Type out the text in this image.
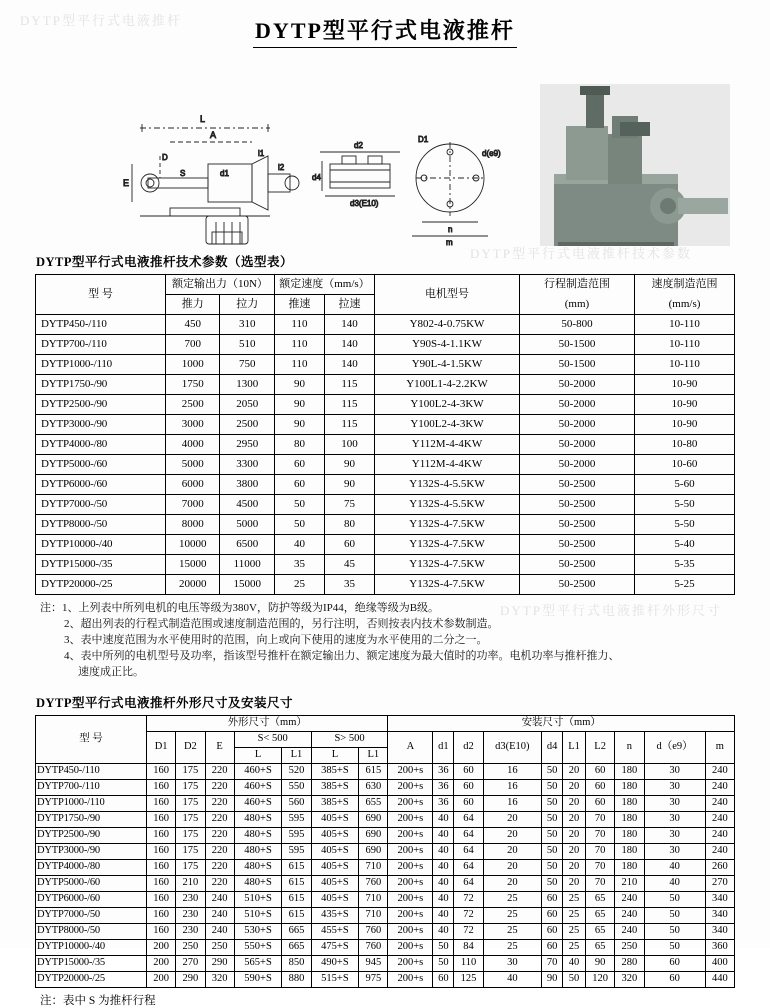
DYTP型平行式电液推杆技术参数
DYTP型平行式电液推杆外形尺寸
DYTP型平行式电液推杆	DYTP型平行式电液推杆
L
A
E
D
d1
l2
l1
S
d2
d3(E10)
d4
n
m
d(e9)
D1
DYTP型平行式电液推杆技术参数（选型表）
型 号	额定输出力（10N）		额定速度（mm/s）		电机型号	行程制造范围	速度制造范围
	推力	拉力	推速	拉速		(mm)	(mm/s)
DYTP450-/110	450	310	110	140	Y802-4-0.75KW	50-800	10-110
DYTP700-/110	700	510	110	140	Y90S-4-1.1KW	50-1500	10-110
DYTP1000-/110	1000	750	110	140	Y90L-4-1.5KW	50-1500	10-110
DYTP1750-/90	1750	1300	90	115	Y100L1-4-2.2KW	50-2000	10-90
DYTP2500-/90	2500	2050	90	115	Y100L2-4-3KW	50-2000	10-90
DYTP3000-/90	3000	2500	90	115	Y100L2-4-3KW	50-2000	10-90
DYTP4000-/80	4000	2950	80	100	Y112M-4-4KW	50-2000	10-80
DYTP5000-/60	5000	3300	60	90	Y112M-4-4KW	50-2000	10-60
DYTP6000-/60	6000	3800	60	90	Y132S-4-5.5KW	50-2500	5-60
DYTP7000-/50	7000	4500	50	75	Y132S-4-5.5KW	50-2500	5-50
DYTP8000-/50	8000	5000	50	80	Y132S-4-7.5KW	50-2500	5-50
DYTP10000-/40	10000	6500	40	60	Y132S-4-7.5KW	50-2500	5-40
DYTP15000-/35	15000	11000	35	45	Y132S-4-7.5KW	50-2500	5-35
DYTP20000-/25	20000	15000	25	35	Y132S-4-7.5KW	50-2500	5-25
注：1、上列表中所列电机的电压等级为380V，防护等级为IP44，绝缘等级为B级。
2、超出列表的行程式制造范围或速度制造范围的，另行注明，否则按表内技术参数制造。
3、表中速度范围为水平使用时的范围，向上或向下使用的速度为水平使用的二分之一。
4、表中所列的电机型号及功率，指该型号推杆在额定输出力、额定速度为最大值时的功率。电机功率与推杆推力、
速度成正比。
DYTP型平行式电液推杆外形尺寸及安装尺寸
型 号	外形尺寸（mm）							安装尺寸（mm）									
	D1	D2	E	S< 500		S> 500		A	d1	d2	d3(E10)	d4	L1	L2	n	d（e9）	m
				L	L1	L	L1										
DYTP450-/110	160	175	220	460+S	520	385+S	615	200+s	36	60	16	50	20	60	180	30	240
DYTP700-/110	160	175	220	460+S	550	385+S	630	200+s	36	60	16	50	20	60	180	30	240
DYTP1000-/110	160	175	220	460+S	560	385+S	655	200+s	36	60	16	50	20	60	180	30	240
DYTP1750-/90	160	175	220	480+S	595	405+S	690	200+s	40	64	20	50	20	70	180	30	240
DYTP2500-/90	160	175	220	480+S	595	405+S	690	200+s	40	64	20	50	20	70	180	30	240
DYTP3000-/90	160	175	220	480+S	595	405+S	690	200+s	40	64	20	50	20	70	180	30	240
DYTP4000-/80	160	175	220	480+S	615	405+S	710	200+s	40	64	20	50	20	70	180	40	260
DYTP5000-/60	160	210	220	480+S	615	405+S	760	200+s	40	64	20	50	20	70	210	40	270
DYTP6000-/60	160	230	240	510+S	615	405+S	710	200+s	40	72	25	60	25	65	240	50	340
DYTP7000-/50	160	230	240	510+S	615	435+S	710	200+s	40	72	25	60	25	65	240	50	340
DYTP8000-/50	160	230	240	530+S	665	455+S	760	200+s	40	72	25	60	25	65	240	50	340
DYTP10000-/40	200	250	250	550+S	665	475+S	760	200+s	50	84	25	60	25	65	250	50	360
DYTP15000-/35	200	270	290	565+S	850	490+S	945	200+s	50	110	30	70	40	90	280	60	400
DYTP20000-/25	200	290	320	590+S	880	515+S	975	200+s	60	125	40	90	50	120	320	60	440
注：表中 S 为推杆行程
